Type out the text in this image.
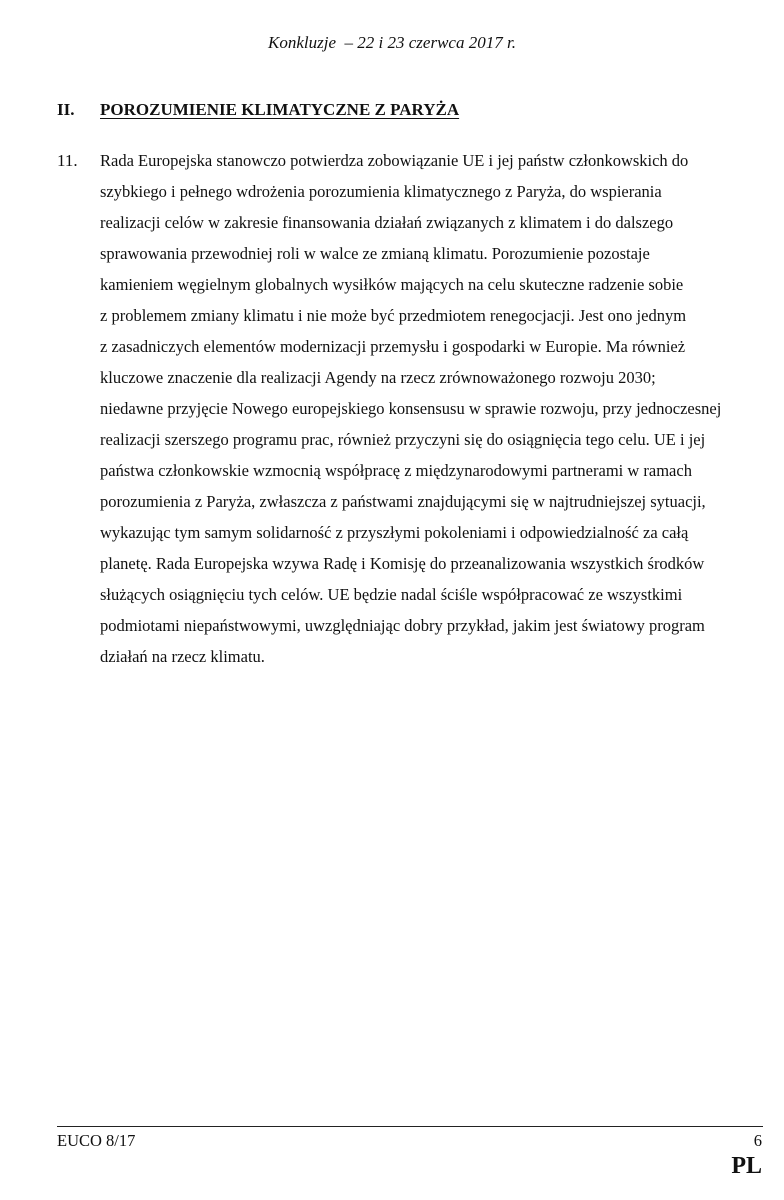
Konkluzje  – 22 i 23 czerwca 2017 r.
II. POROZUMIENIE KLIMATYCZNE Z PARYŻA
11. Rada Europejska stanowczo potwierdza zobowiązanie UE i jej państw członkowskich do
szybkiego i pełnego wdrożenia porozumienia klimatycznego z Paryża, do wspierania
realizacji celów w zakresie finansowania działań związanych z klimatem i do dalszego
sprawowania przewodniej roli w walce ze zmianą klimatu. Porozumienie pozostaje
kamieniem węgielnym globalnych wysiłków mających na celu skuteczne radzenie sobie
z problemem zmiany klimatu i nie może być przedmiotem renegocjacji. Jest ono jednym
z zasadniczych elementów modernizacji przemysłu i gospodarki w Europie. Ma również
kluczowe znaczenie dla realizacji Agendy na rzecz zrównoważonego rozwoju 2030;
niedawne przyjęcie Nowego europejskiego konsensusu w sprawie rozwoju, przy jednoczesnej
realizacji szerszego programu prac, również przyczyni się do osiągnięcia tego celu. UE i jej
państwa członkowskie wzmocnią współpracę z międzynarodowymi partnerami w ramach
porozumienia z Paryża, zwłaszcza z państwami znajdującymi się w najtrudniejszej sytuacji,
wykazując tym samym solidarność z przyszłymi pokoleniami i odpowiedzialność za całą
planetę. Rada Europejska wzywa Radę i Komisję do przeanalizowania wszystkich środków
służących osiągnięciu tych celów. UE będzie nadal ściśle współpracować ze wszystkimi
podmiotami niepaństwowymi, uwzględniając dobry przykład, jakim jest światowy program
działań na rzecz klimatu.
EUCO 8/17	6
PL
